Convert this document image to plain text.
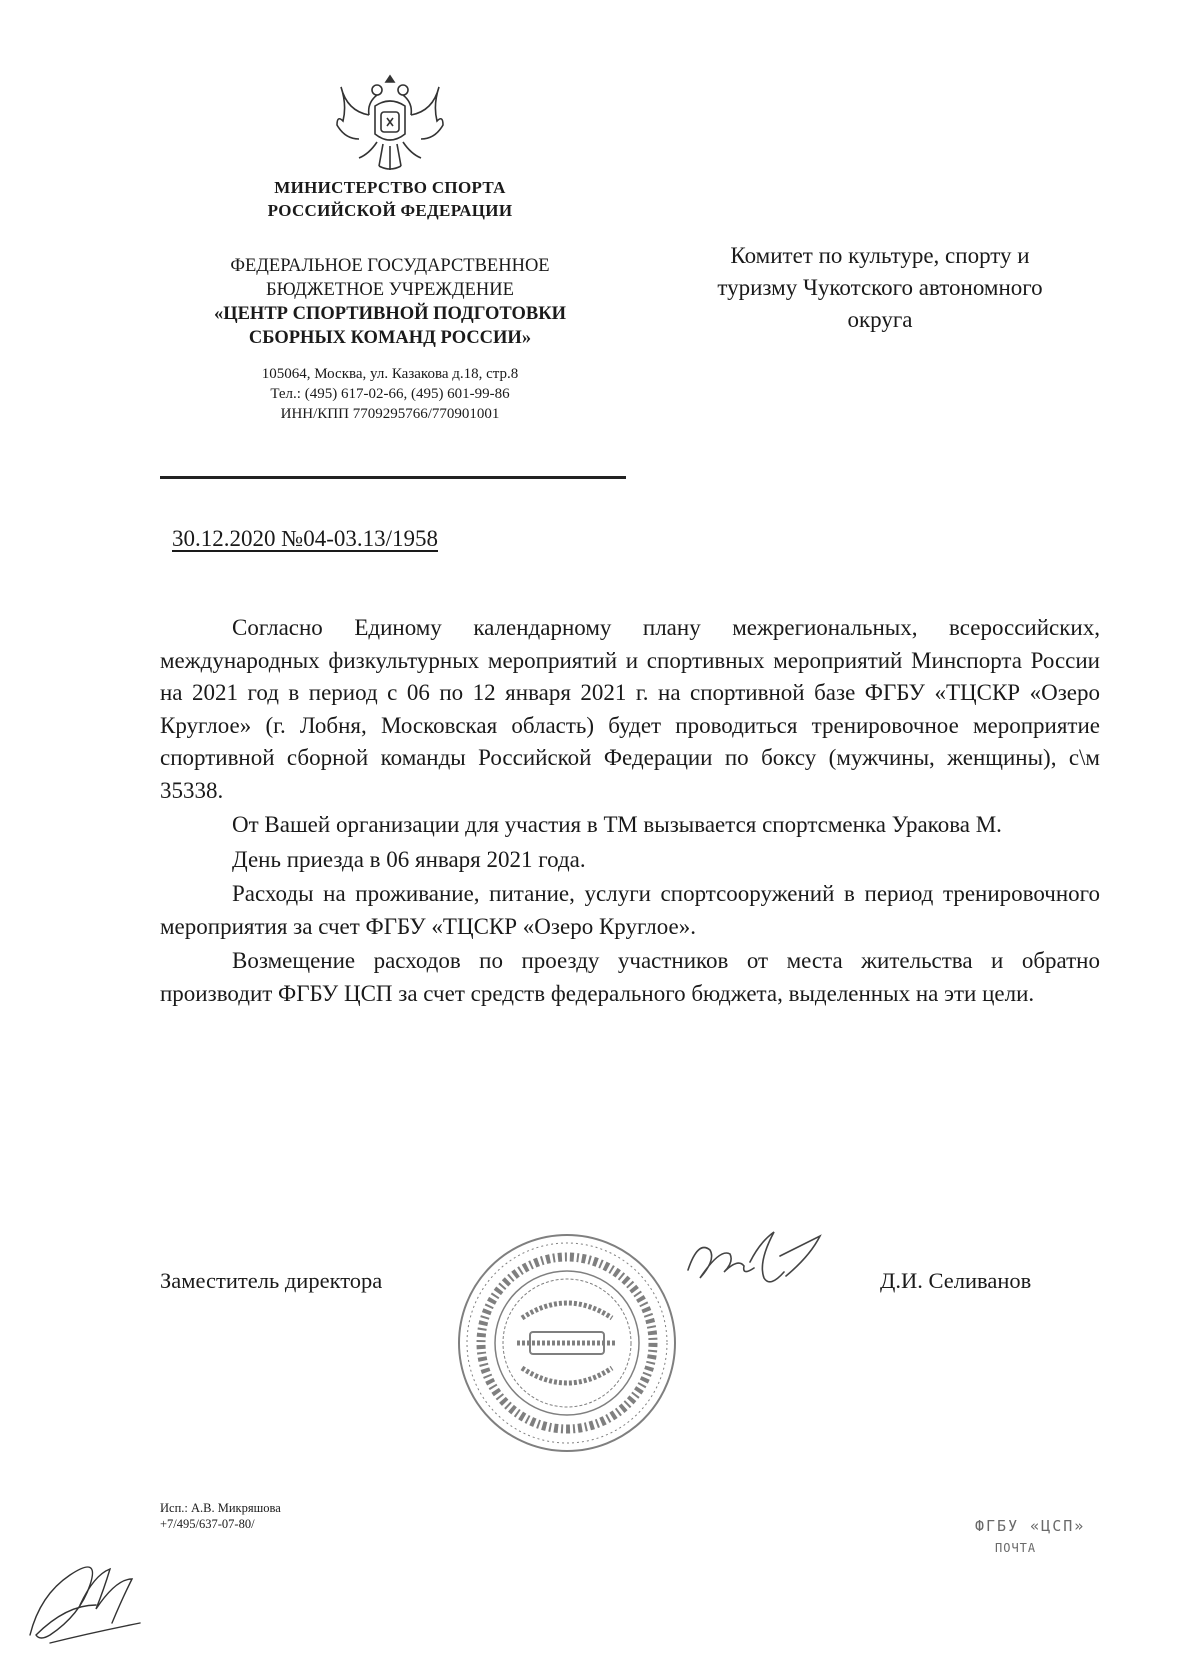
МИНИСТЕРСТВО СПОРТА
РОССИЙСКОЙ ФЕДЕРАЦИИ
ФЕДЕРАЛЬНОЕ ГОСУДАРСТВЕННОЕ
БЮДЖЕТНОЕ УЧРЕЖДЕНИЕ
«ЦЕНТР СПОРТИВНОЙ ПОДГОТОВКИ
СБОРНЫХ КОМАНД РОССИИ»
105064, Москва, ул. Казакова д.18, стр.8
Тел.: (495) 617-02-66, (495) 601-99-86
ИНН/КПП 7709295766/770901001
Комитет по культуре, спорту и
туризму Чукотского автономного
округа
30.12.2020 №04-03.13/1958

Согласно Единому календарному плану межрегиональных, всероссийских, международных физкультурных мероприятий и спортивных мероприятий Минспорта России на 2021 год в период с 06 по 12 января 2021 г. на спортивной базе ФГБУ «ТЦСКР «Озеро Круглое» (г. Лобня, Московская область) будет проводиться тренировочное мероприятие спортивной сборной команды Российской Федерации по боксу (мужчины, женщины), с\м 35338.

От Вашей организации для участия в ТМ вызывается спортсменка Уракова М.

День приезда в 06 января 2021 года.

Расходы на проживание, питание, услуги спортсооружений в период тренировочного мероприятия за счет ФГБУ «ТЦСКР «Озеро Круглое».

Возмещение расходов по проезду участников от места жительства и обратно производит ФГБУ ЦСП за счет средств федерального бюджета, выделенных на эти цели.

Заместитель директора	Д.И. Селиванов
Исп.: А.В. Микряшова
+7/495/637-07-80/	ФГБУ «ЦСП»
ПОЧТА
